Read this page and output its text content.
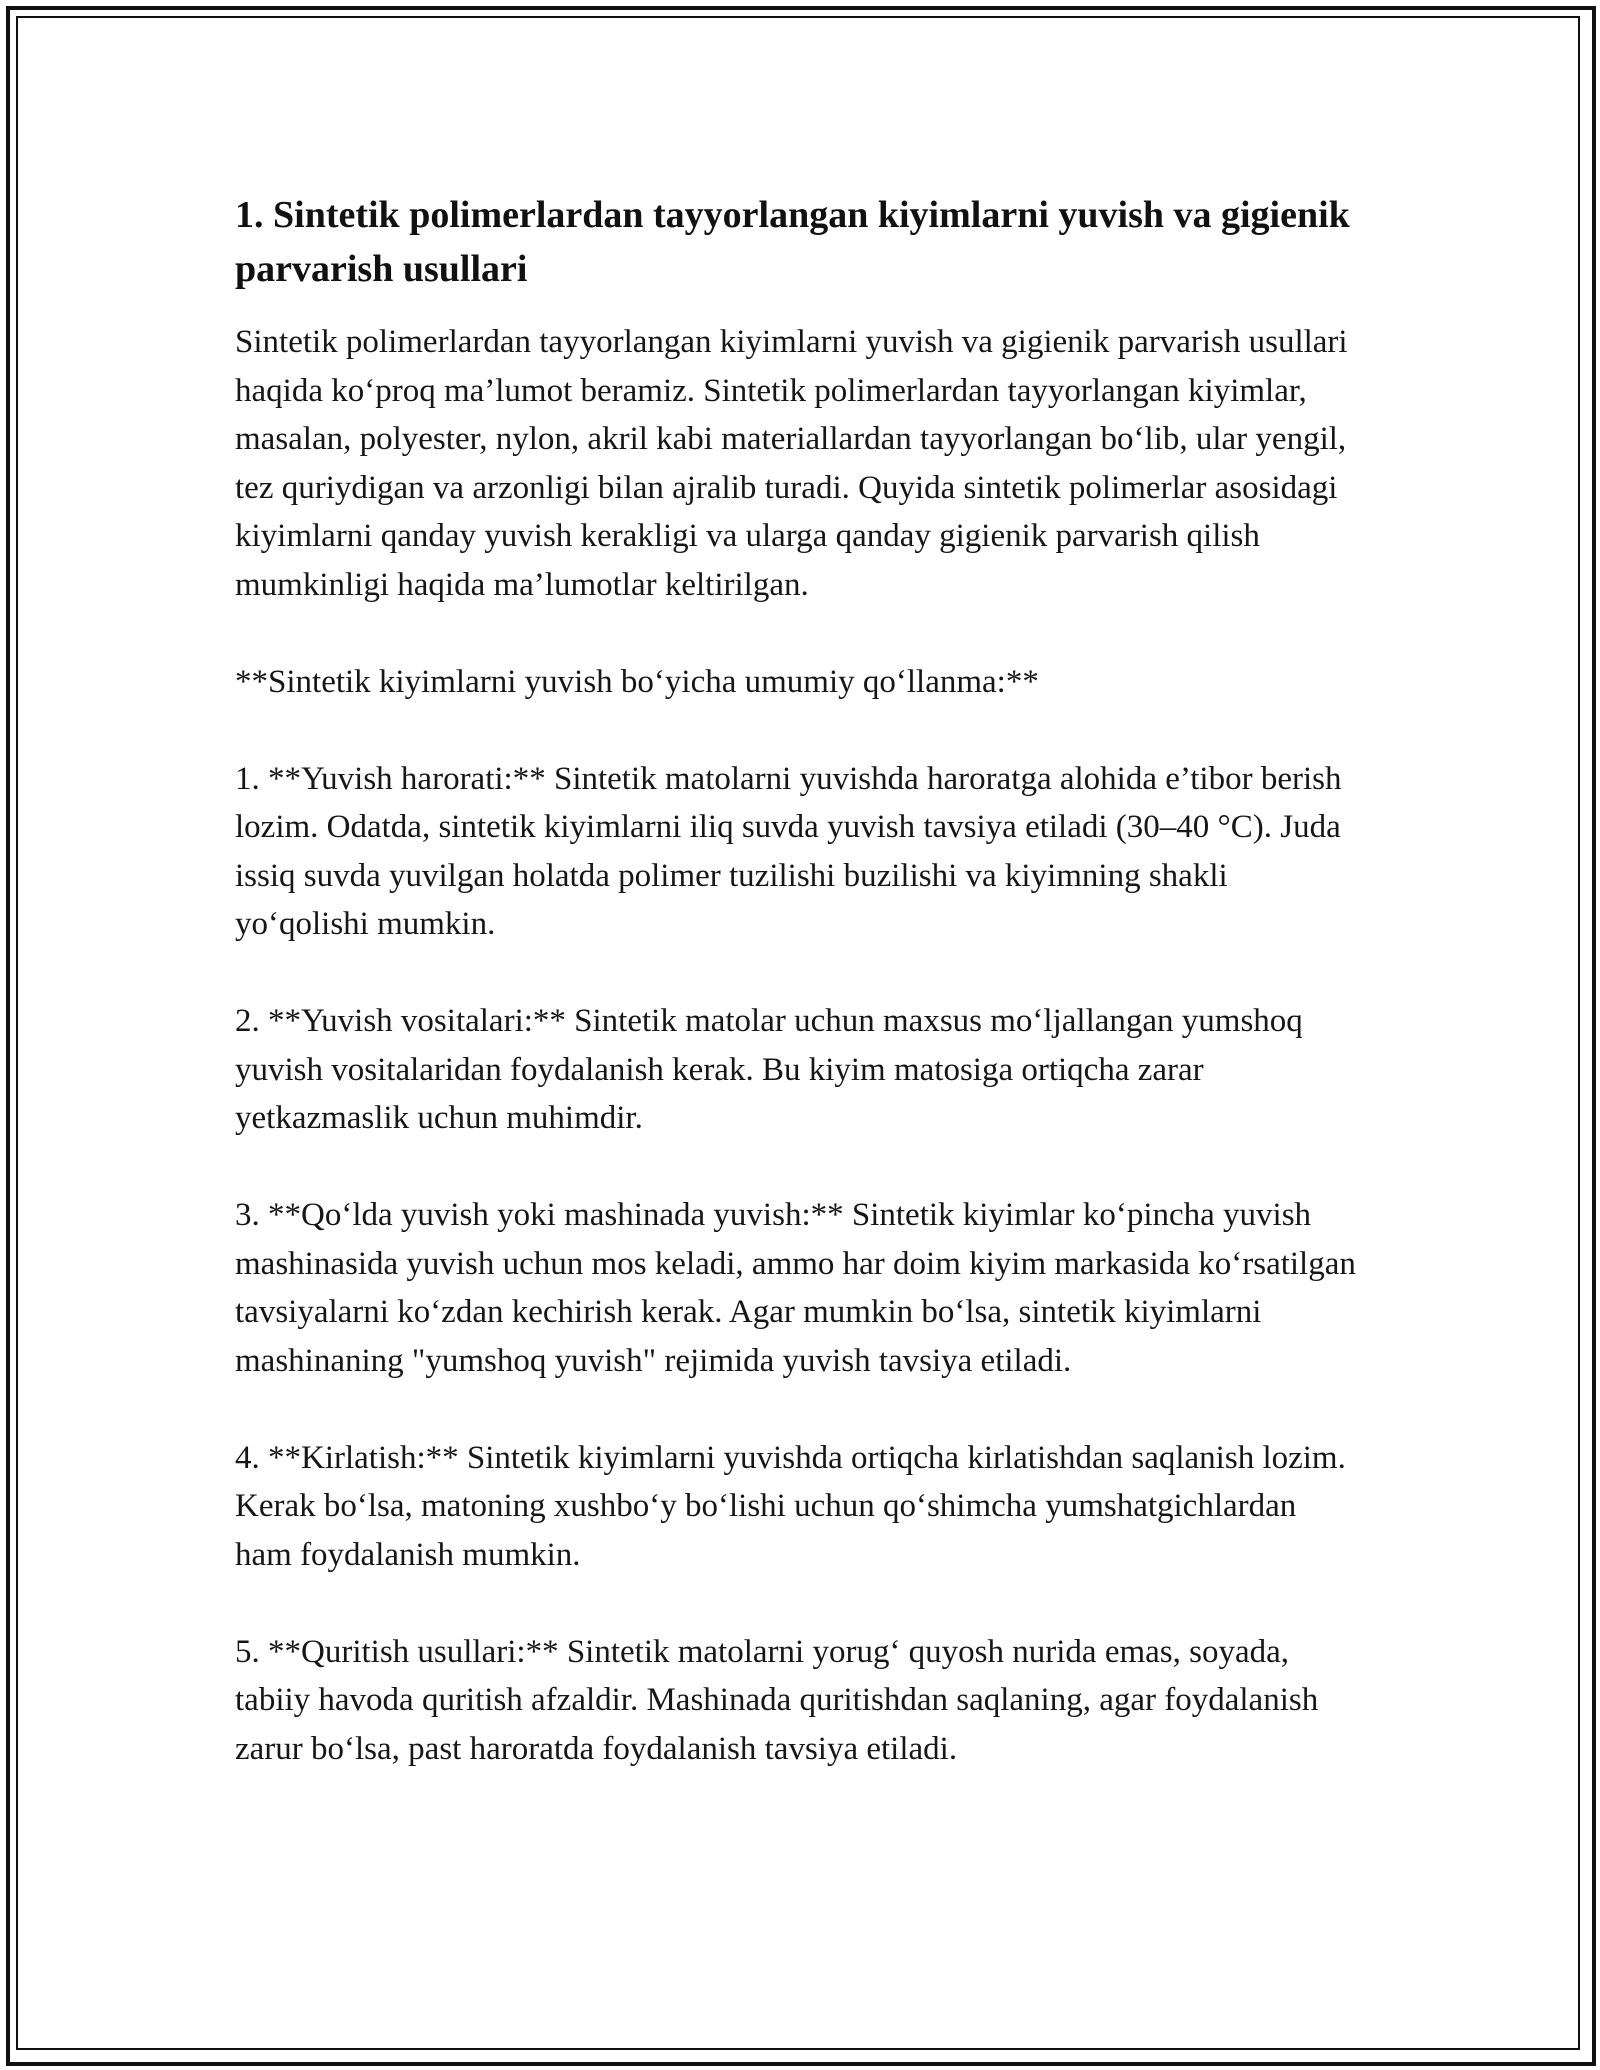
1. Sintetik polimerlardan tayyorlangan kiyimlarni yuvish va gigienik parvarish usullari

Sintetik polimerlardan tayyorlangan kiyimlarni yuvish va gigienik parvarish usullari haqida ko‘proq ma’lumot beramiz. Sintetik polimerlardan tayyorlangan kiyimlar, masalan, polyester, nylon, akril kabi materiallardan tayyorlangan bo‘lib, ular yengil, tez quriydigan va arzonligi bilan ajralib turadi. Quyida sintetik polimerlar asosidagi kiyimlarni qanday yuvish kerakligi va ularga qanday gigienik parvarish qilish mumkinligi haqida ma’lumotlar keltirilgan.

**Sintetik kiyimlarni yuvish bo‘yicha umumiy qo‘llanma:**

1. **Yuvish harorati:** Sintetik matolarni yuvishda haroratga alohida e’tibor berish lozim. Odatda, sintetik kiyimlarni iliq suvda yuvish tavsiya etiladi (30–40 °C). Juda issiq suvda yuvilgan holatda polimer tuzilishi buzilishi va kiyimning shakli yo‘qolishi mumkin.

2. **Yuvish vositalari:** Sintetik matolar uchun maxsus mo‘ljallangan yumshoq yuvish vositalaridan foydalanish kerak. Bu kiyim matosiga ortiqcha zarar yetkazmaslik uchun muhimdir.

3. **Qo‘lda yuvish yoki mashinada yuvish:** Sintetik kiyimlar ko‘pincha yuvish mashinasida yuvish uchun mos keladi, ammo har doim kiyim markasida ko‘rsatilgan tavsiyalarni ko‘zdan kechirish kerak. Agar mumkin bo‘lsa, sintetik kiyimlarni mashinaning "yumshoq yuvish" rejimida yuvish tavsiya etiladi.

4. **Kirlatish:** Sintetik kiyimlarni yuvishda ortiqcha kirlatishdan saqlanish lozim. Kerak bo‘lsa, matoning xushbo‘y bo‘lishi uchun qo‘shimcha yumshatgichlardan ham foydalanish mumkin.

5. **Quritish usullari:** Sintetik matolarni yorug‘ quyosh nurida emas, soyada, tabiiy havoda quritish afzaldir. Mashinada quritishdan saqlaning, agar foydalanish zarur bo‘lsa, past haroratda foydalanish tavsiya etiladi.
